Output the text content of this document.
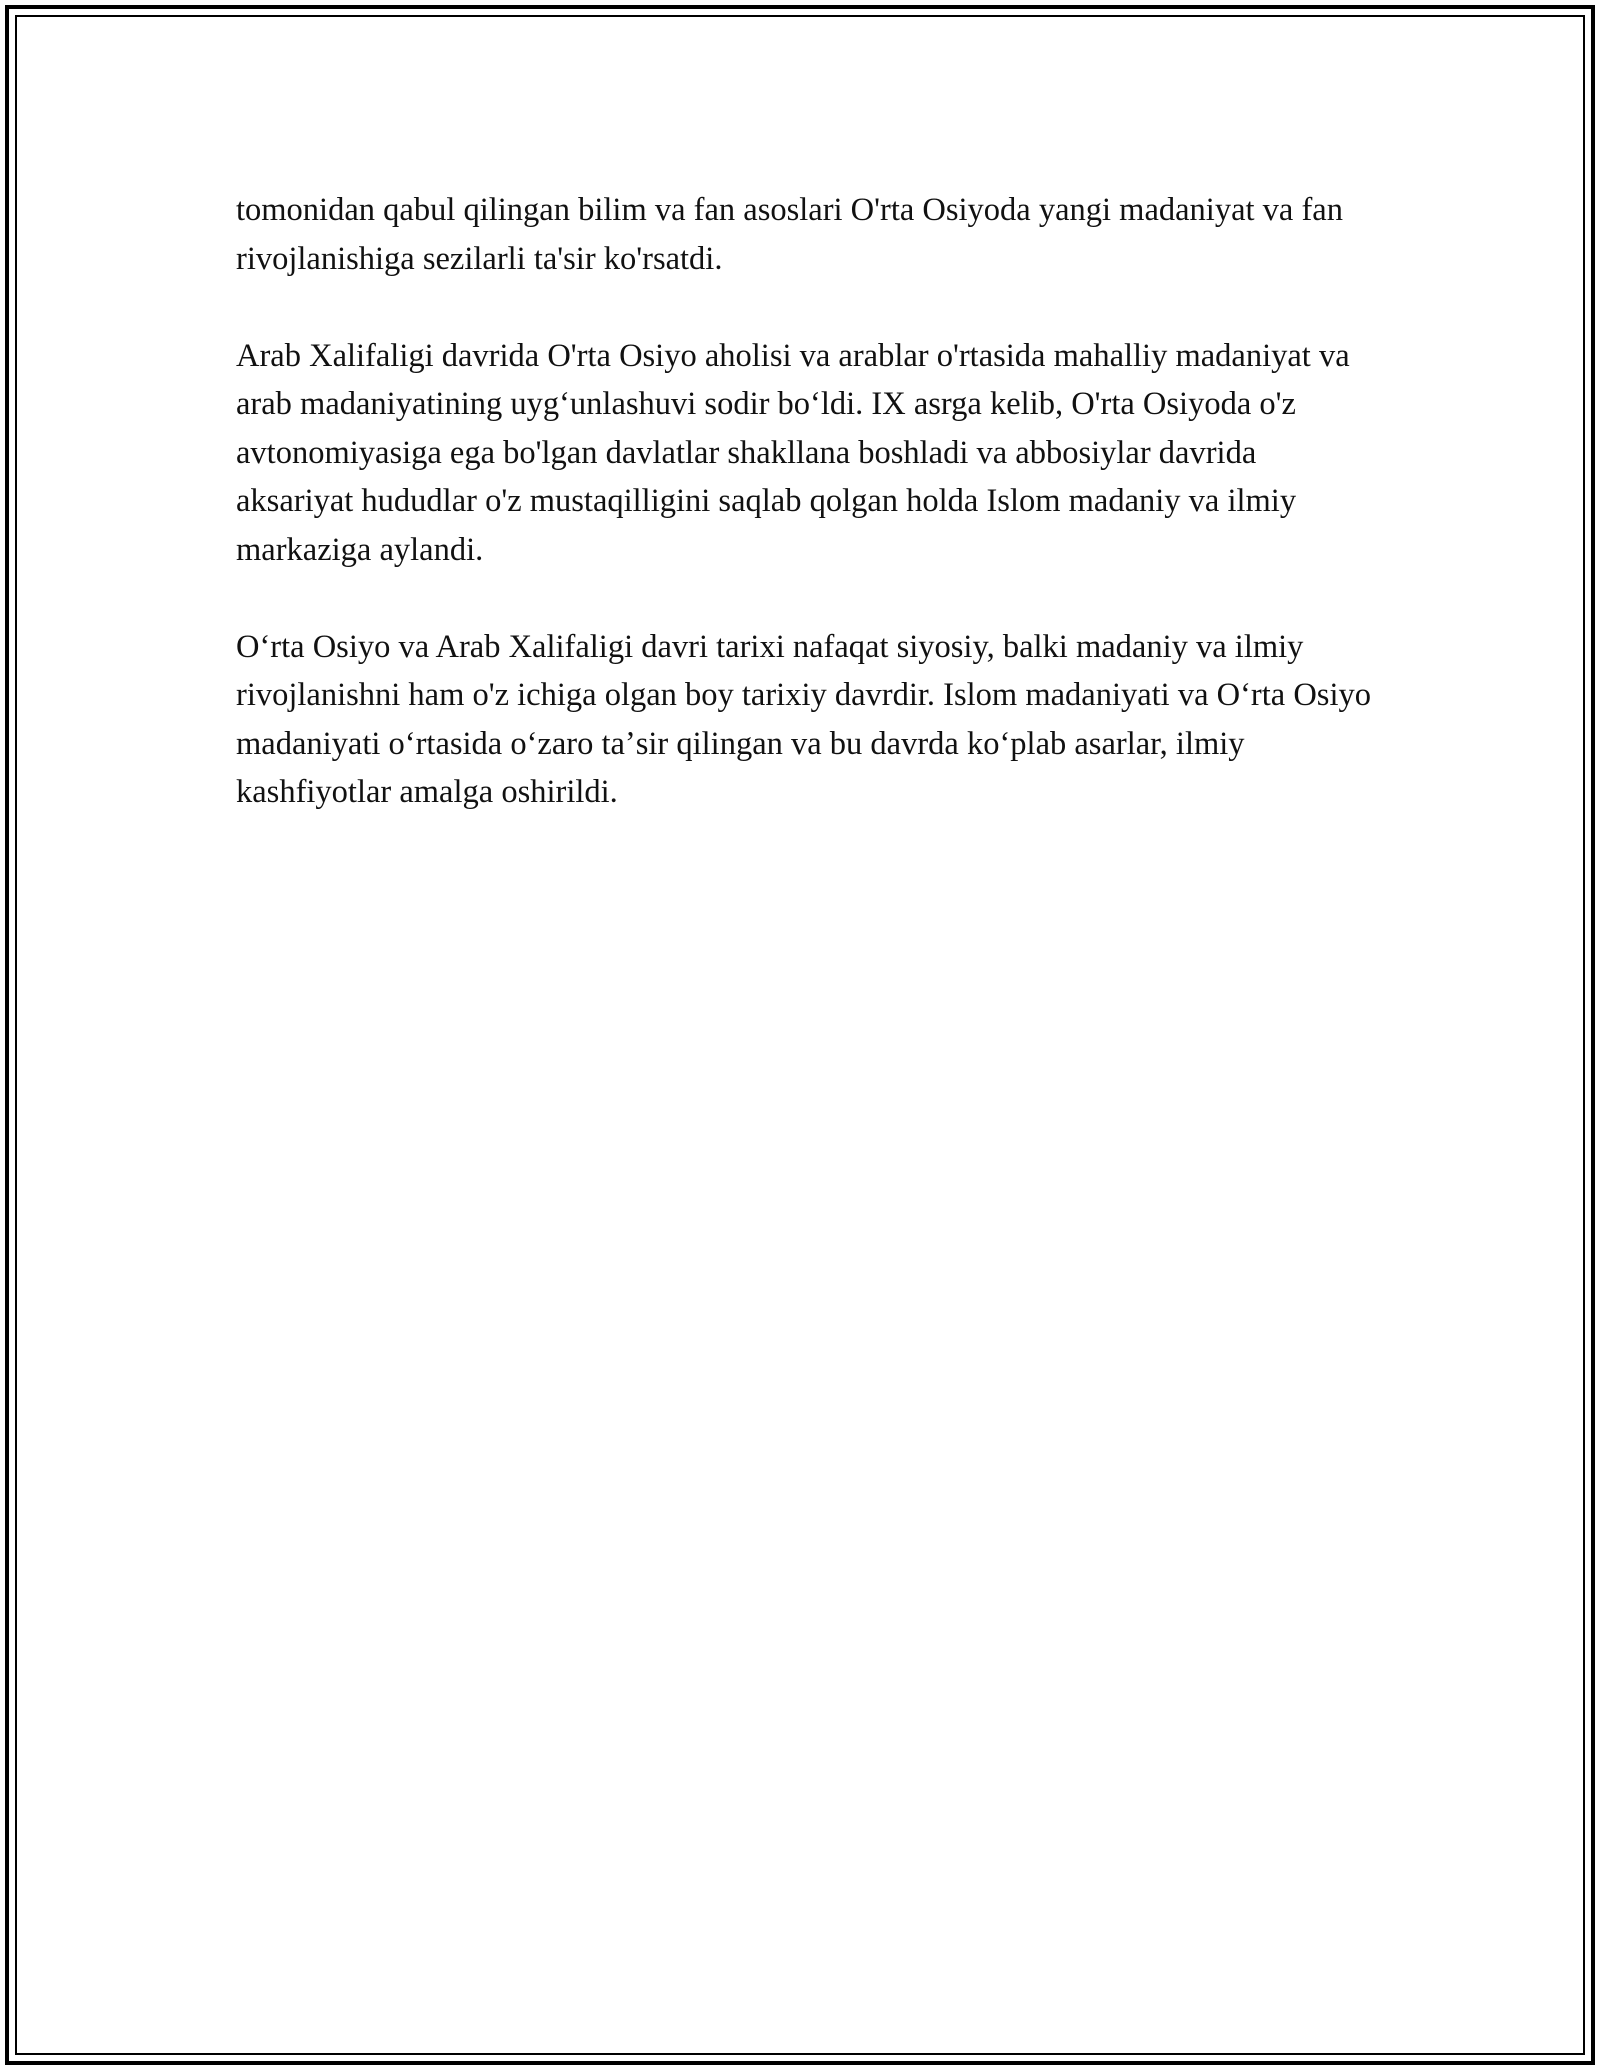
tomonidan qabul qilingan bilim va fan asoslari O'rta Osiyoda yangi madaniyat va fan rivojlanishiga sezilarli ta'sir ko'rsatdi.

Arab Xalifaligi davrida O'rta Osiyo aholisi va arablar o'rtasida mahalliy madaniyat va arab madaniyatining uygʻunlashuvi sodir boʻldi. IX asrga kelib, O'rta Osiyoda o'z avtonomiyasiga ega bo'lgan davlatlar shakllana boshladi va abbosiylar davrida aksariyat hududlar o'z mustaqilligini saqlab qolgan holda Islom madaniy va ilmiy markaziga aylandi.

Oʻrta Osiyo va Arab Xalifaligi davri tarixi nafaqat siyosiy, balki madaniy va ilmiy rivojlanishni ham o'z ichiga olgan boy tarixiy davrdir. Islom madaniyati va Oʻrta Osiyo madaniyati oʻrtasida oʻzaro taʼsir qilingan va bu davrda koʻplab asarlar, ilmiy kashfiyotlar amalga oshirildi.
